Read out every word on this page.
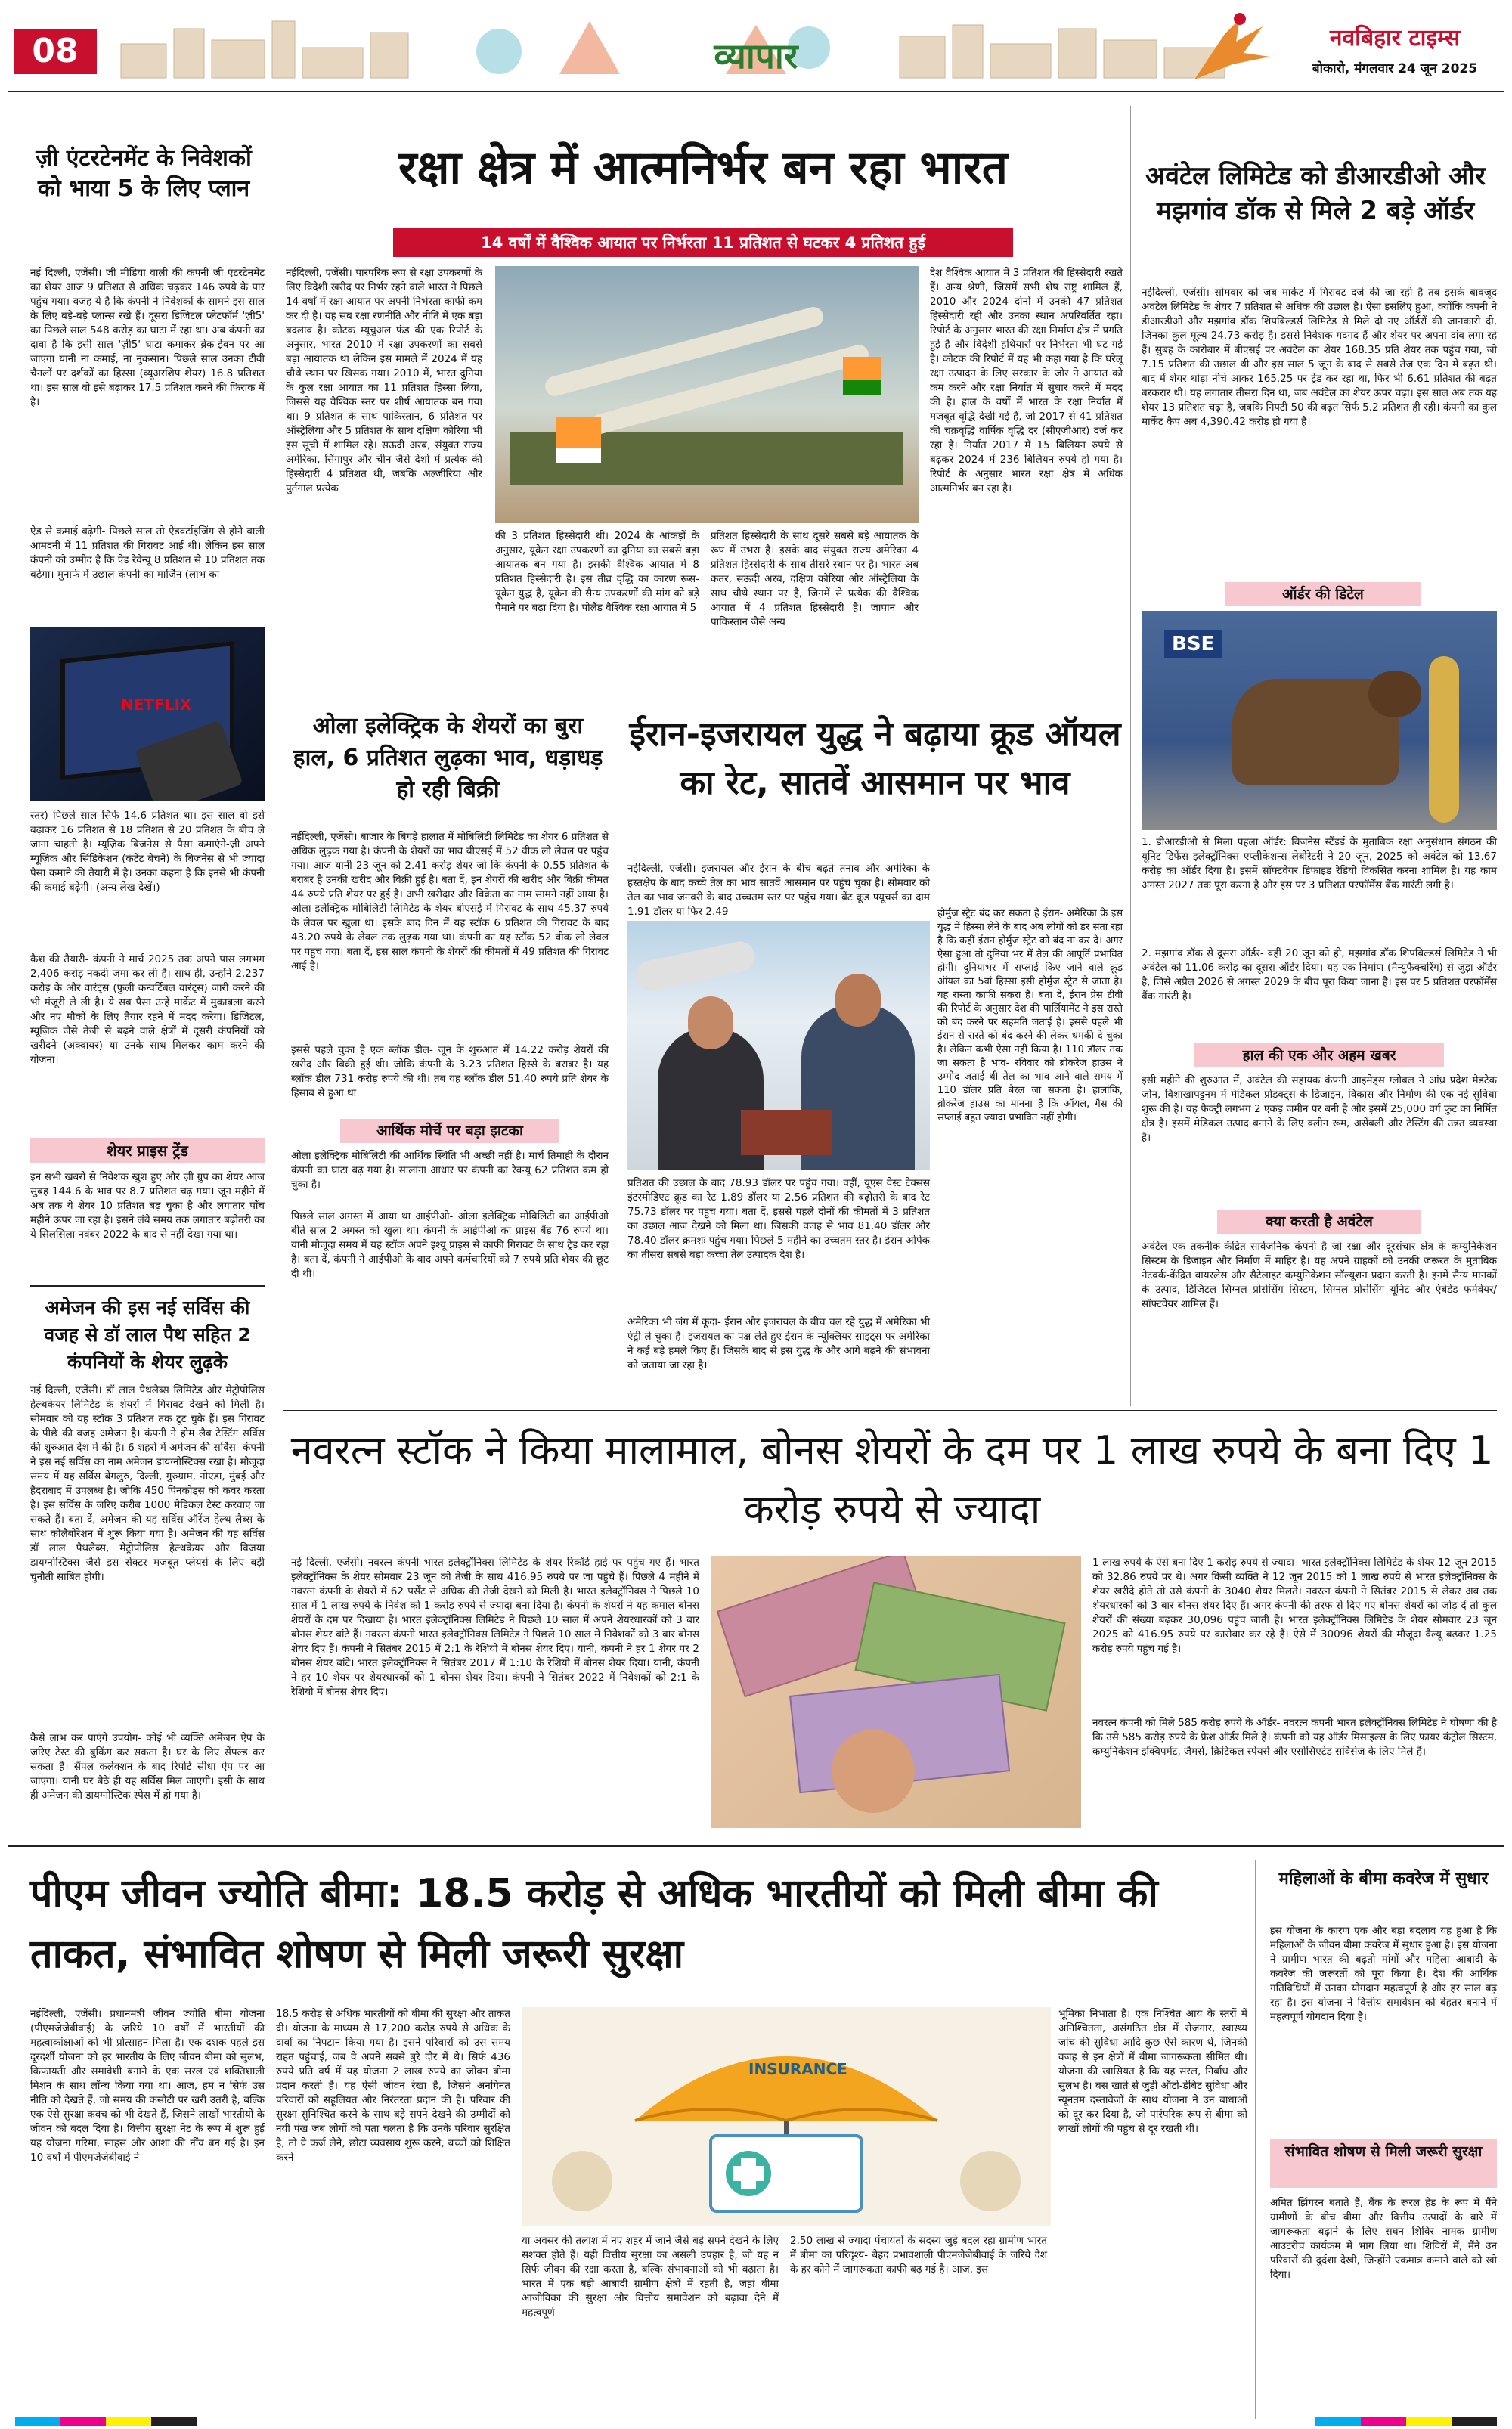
08	व्यापार	नवबिहार टाइम्स
बोकारो, मंगलवार 24 जून 2025
ज़ी एंटरटेनमेंट के निवेशकों को भाया 5 के लिए प्लान
नई दिल्ली, एजेंसी। जी मीडिया वाली की कंपनी जी एंटरटेनमेंट का शेयर आज 9 प्रतिशत से अधिक चढ़कर 146 रुपये के पार पहुंच गया। वजह ये है कि कंपनी ने निवेशकों के सामने इस साल के लिए बड़े-बड़े प्लान्स रखे हैं। दूसरा डिजिटल प्लेटफॉर्म 'ज़ी5' का पिछले साल 548 करोड़ का घाटा में रहा था। अब कंपनी का दावा है कि इसी साल 'ज़ी5' घाटा कमाकर ब्रेक-ईवन पर आ जाएगा यानी ना कमाई, ना नुकसान। पिछले साल उनका टीवी चैनलों पर दर्शकों का हिस्सा (व्यूअरशिप शेयर) 16.8 प्रतिशत था। इस साल वो इसे बढ़ाकर 17.5 प्रतिशत करने की फिराक में है।
ऐड से कमाई बढ़ेगी- पिछले साल तो ऐडवर्टाइजिंग से होने वाली आमदनी में 11 प्रतिशत की गिरावट आई थी। लेकिन इस साल कंपनी को उम्मीद है कि ऐड रेवेन्यू 8 प्रतिशत से 10 प्रतिशत तक बढ़ेगा। मुनाफे में उछाल-कंपनी का मार्जिन (लाभ का
NETFLIX
स्तर) पिछले साल सिर्फ 14.6 प्रतिशत था। इस साल वो इसे बढ़ाकर 16 प्रतिशत से 18 प्रतिशत से 20 प्रतिशत के बीच ले जाना चाहती है। म्यूज़िक बिजनेस से पैसा कमाएंगे-ज़ी अपने म्यूज़िक और सिंडिकेशन (कंटेंट बेचने) के बिजनेस से भी ज्यादा पैसा कमाने की तैयारी में है। उनका कहना है कि इनसे भी कंपनी की कमाई बढ़ेगी। (अन्य लेख देखें।)
कैश की तैयारी- कंपनी ने मार्च 2025 तक अपने पास लगभग 2,406 करोड़ नकदी जमा कर ली है। साथ ही, उन्होंने 2,237 करोड़ के और वारंट्स (फुली कन्वर्टिबल वारंट्स) जारी करने की भी मंजूरी ले ली है। ये सब पैसा उन्हें मार्केट में मुकाबला करने और नए मौकों के लिए तैयार रहने में मदद करेगा। डिजिटल, म्यूज़िक जैसे तेजी से बढ़ने वाले क्षेत्रों में दूसरी कंपनियों को खरीदने (अक्वायर) या उनके साथ मिलकर काम करने की योजना।
शेयर प्राइस ट्रेंड
इन सभी खबरों से निवेशक खुश हुए और ज़ी ग्रुप का शेयर आज सुबह 144.6 के भाव पर 8.7 प्रतिशत चढ़ गया। जून महीने में अब तक ये शेयर 10 प्रतिशत बढ़ चुका है और लगातार पाँच महीने ऊपर जा रहा है। इसने लंबे समय तक लगातार बढ़ोतरी का ये सिलसिला नवंबर 2022 के बाद से नहीं देखा गया था।
अमेजन की इस नई सर्विस की वजह से डॉ लाल पैथ सहित 2 कंपनियों के शेयर लुढ़के
नई दिल्ली, एजेंसी। डॉ लाल पैथलैब्स लिमिटेड और मेट्रोपोलिस हेल्थकेयर लिमिटेड के शेयरों में गिरावट देखने को मिली है। सोमवार को यह स्टॉक 3 प्रतिशत तक टूट चुके हैं। इस गिरावट के पीछे की वजह अमेजन है। कंपनी ने होम लैब टेस्टिंग सर्विस की शुरुआत देश में की है। 6 शहरों में अमेजन की सर्विस- कंपनी ने इस नई सर्विस का नाम अमेजन डायग्नोस्टिक्स रखा है। मौजूदा समय में यह सर्विस बेंगलुरु, दिल्ली, गुरुग्राम, नोएडा, मुंबई और हैदराबाद में उपलब्ध है। जोकि 450 पिनकोड्स को कवर करता है। इस सर्विस के जरिए करीब 1000 मेडिकल टेस्ट करवाए जा सकते हैं। बता दें, अमेजन की यह सर्विस ऑरेंज हेल्थ लैब्स के साथ कोलैबोरेशन में शुरू किया गया है। अमेजन की यह सर्विस डॉ लाल पैथलैब्स, मेट्रोपोलिस हेल्थकेयर और विजया डायग्नोस्टिक्स जैसे इस सेक्टर मजबूत प्लेयर्स के लिए बड़ी चुनौती साबित होगी।
कैसे लाभ कर पाएंगे उपयोग- कोई भी व्यक्ति अमेजन ऐप के जरिए टेस्ट की बुकिंग कर सकता है। घर के लिए सेंपल्ड कर सकता है। सैंपल कलेक्शन के बाद रिपोर्ट सीधा ऐप पर आ जाएगा। यानी घर बैठे ही यह सर्विस मिल जाएगी। इसी के साथ ही अमेजन की डायग्नोस्टिक स्पेस में हो गया है।
रक्षा क्षेत्र में आत्मनिर्भर बन रहा भारत
14 वर्षों में वैश्विक आयात पर निर्भरता 11 प्रतिशत से घटकर 4 प्रतिशत हुई
नईदिल्ली, एजेंसी। पारंपरिक रूप से रक्षा उपकरणों के लिए विदेशी खरीद पर निर्भर रहने वाले भारत ने पिछले 14 वर्षों में रक्षा आयात पर अपनी निर्भरता काफी कम कर दी है। यह सब रक्षा रणनीति और नीति में एक बड़ा बदलाव है। कोटक म्यूचुअल फंड की एक रिपोर्ट के अनुसार, भारत 2010 में रक्षा उपकरणों का सबसे बड़ा आयातक था लेकिन इस मामले में 2024 में यह चौथे स्थान पर खिसक गया। 2010 में, भारत दुनिया के कुल रक्षा आयात का 11 प्रतिशत हिस्सा लिया, जिससे यह वैश्विक स्तर पर शीर्ष आयातक बन गया था। 9 प्रतिशत के साथ पाकिस्तान, 6 प्रतिशत पर ऑस्ट्रेलिया और 5 प्रतिशत के साथ दक्षिण कोरिया भी इस सूची में शामिल रहे। सऊदी अरब, संयुक्त राज्य अमेरिका, सिंगापुर और चीन जैसे देशों में प्रत्येक की हिस्सेदारी 4 प्रतिशत थी, जबकि अल्जीरिया और पुर्तगाल प्रत्येक
की 3 प्रतिशत हिस्सेदारी थी। 2024 के आंकड़ों के अनुसार, यूक्रेन रक्षा उपकरणों का दुनिया का सबसे बड़ा आयातक बन गया है। इसकी वैश्विक आयात में 8 प्रतिशत हिस्सेदारी है। इस तीव्र वृद्धि का कारण रूस-यूक्रेन युद्ध है, यूक्रेन की सैन्य उपकरणों की मांग को बड़े पैमाने पर बढ़ा दिया है। पोलैंड वैश्विक रक्षा आयात में 5
प्रतिशत हिस्सेदारी के साथ दूसरे सबसे बड़े आयातक के रूप में उभरा है। इसके बाद संयुक्त राज्य अमेरिका 4 प्रतिशत हिस्सेदारी के साथ तीसरे स्थान पर है। भारत अब कतर, सऊदी अरब, दक्षिण कोरिया और ऑस्ट्रेलिया के साथ चौथे स्थान पर है, जिनमें से प्रत्येक की वैश्विक आयात में 4 प्रतिशत हिस्सेदारी है। जापान और पाकिस्तान जैसे अन्य
देश वैश्विक आयात में 3 प्रतिशत की हिस्सेदारी रखते हैं। अन्य श्रेणी, जिसमें सभी शेष राष्ट्र शामिल हैं, 2010 और 2024 दोनों में उनकी 47 प्रतिशत हिस्सेदारी रही और उनका स्थान अपरिवर्तित रहा। रिपोर्ट के अनुसार भारत की रक्षा निर्माण क्षेत्र में प्रगति हुई है और विदेशी हथियारों पर निर्भरता भी घट गई है। कोटक की रिपोर्ट में यह भी कहा गया है कि घरेलू रक्षा उत्पादन के लिए सरकार के जोर ने आयात को कम करने और रक्षा निर्यात में सुधार करने में मदद की है। हाल के वर्षों में भारत के रक्षा निर्यात में मजबूत वृद्धि देखी गई है, जो 2017 से 41 प्रतिशत की चक्रवृद्धि वार्षिक वृद्धि दर (सीएजीआर) दर्ज कर रहा है। निर्यात 2017 में 15 बिलियन रुपये से बढ़कर 2024 में 236 बिलियन रुपये हो गया है। रिपोर्ट के अनुसार भारत रक्षा क्षेत्र में अधिक आत्मनिर्भर बन रहा है।
अवंटेल लिमिटेड को डीआरडीओ और मझगांव डॉक से मिले 2 बड़े ऑर्डर
नईदिल्ली, एजेंसी। सोमवार को जब मार्केट में गिरावट दर्ज की जा रही है तब इसके बावजूद अवंटेल लिमिटेड के शेयर 7 प्रतिशत से अधिक की उछाल है। ऐसा इसलिए हुआ, क्योंकि कंपनी ने डीआरडीओ और मझगांव डॉक शिपबिल्डर्स लिमिटेड से मिले दो नए ऑर्डरों की जानकारी दी, जिनका कुल मूल्य 24.73 करोड़ है। इससे निवेशक गदगद हैं और शेयर पर अपना दांव लगा रहे हैं। सुबह के कारोबार में बीएसई पर अवंटेल का शेयर 168.35 प्रति शेयर तक पहुंच गया, जो 7.15 प्रतिशत की उछाल थी और इस साल 5 जून के बाद से सबसे तेज एक दिन में बढ़त थी। बाद में शेयर थोड़ा नीचे आकर 165.25 पर ट्रेड कर रहा था, फिर भी 6.61 प्रतिशत की बढ़त बरकरार थी। यह लगातार तीसरा दिन था, जब अवंटेल का शेयर ऊपर चढ़ा। इस साल अब तक यह शेयर 13 प्रतिशत चढ़ा है, जबकि निफ्टी 50 की बढ़त सिर्फ 5.2 प्रतिशत ही रही। कंपनी का कुल मार्केट कैप अब 4,390.42 करोड़ हो गया है।
ऑर्डर की डिटेल
BSE
1. डीआरडीओ से मिला पहला ऑर्डर: बिजनेस स्टैंडर्ड के मुताबिक रक्षा अनुसंधान संगठन की यूनिट डिफेंस इलेक्ट्रॉनिक्स एप्लीकेशन्स लेबोरेटरी ने 20 जून, 2025 को अवंटेल को 13.67 करोड़ का ऑर्डर दिया है। इसमें सॉफ्टवेयर डिफाइंड रेडियो विकसित करना शामिल है। यह काम अगस्त 2027 तक पूरा करना है और इस पर 3 प्रतिशत परफॉर्मेंस बैंक गारंटी लगी है।
2. मझगांव डॉक से दूसरा ऑर्डर- वहीं 20 जून को ही, मझगांव डॉक शिपबिल्डर्स लिमिटेड ने भी अवंटेल को 11.06 करोड़ का दूसरा ऑर्डर दिया। यह एक निर्माण (मैन्युफैक्चरिंग) से जुड़ा ऑर्डर है, जिसे अप्रैल 2026 से अगस्त 2029 के बीच पूरा किया जाना है। इस पर 5 प्रतिशत परफॉर्मेंस बैंक गारंटी है।
हाल की एक और अहम खबर
इसी महीने की शुरुआत में, अवंटेल की सहायक कंपनी आइमेड्स ग्लोबल ने आंध्र प्रदेश मेडटेक जोन, विशाखापट्टनम में मेडिकल प्रोडक्ट्स के डिजाइन, विकास और निर्माण की एक नई सुविधा शुरू की है। यह फैक्ट्री लगभग 2 एकड़ जमीन पर बनी है और इसमें 25,000 वर्ग फुट का निर्मित क्षेत्र है। इसमें मेडिकल उत्पाद बनाने के लिए क्लीन रूम, असेंबली और टेस्टिंग की उन्नत व्यवस्था है।
क्या करती है अवंटेल
अवंटेल एक तकनीक-केंद्रित सार्वजनिक कंपनी है जो रक्षा और दूरसंचार क्षेत्र के कम्युनिकेशन सिस्टम के डिजाइन और निर्माण में माहिर है। यह अपने ग्राहकों को उनकी जरूरत के मुताबिक नेटवर्क-केंद्रित वायरलेस और सैटेलाइट कम्युनिकेशन सॉल्यूशन प्रदान करती है। इनमें सैन्य मानकों के उत्पाद, डिजिटल सिग्नल प्रोसेसिंग सिस्टम, सिग्नल प्रोसेसिंग यूनिट और एंबेडेड फर्मवेयर/सॉफ्टवेयर शामिल हैं।
ओला इलेक्ट्रिक के शेयरों का बुरा हाल, 6 प्रतिशत लुढ़का भाव, धड़ाधड़ हो रही बिक्री
नईदिल्ली, एजेंसी। बाजार के बिगड़े हालात में मोबिलिटी लिमिटेड का शेयर 6 प्रतिशत से अधिक लुढ़क गया है। कंपनी के शेयरों का भाव बीएसई में 52 वीक लो लेवल पर पहुंच गया। आज यानी 23 जून को 2.41 करोड़ शेयर जो कि कंपनी के 0.55 प्रतिशत के बराबर है उनकी खरीद और बिक्री हुई है। बता दें, इन शेयरों की खरीद और बिक्री कीमत 44 रुपये प्रति शेयर पर हुई है। अभी खरीदार और विक्रेता का नाम सामने नहीं आया है। ओला इलेक्ट्रिक मोबिलिटी लिमिटेड के शेयर बीएसई में गिरावट के साथ 45.37 रुपये के लेवल पर खुला था। इसके बाद दिन में यह स्टॉक 6 प्रतिशत की गिरावट के बाद 43.20 रुपये के लेवल तक लुढ़क गया था। कंपनी का यह स्टॉक 52 वीक लो लेवल पर पहुंच गया। बता दें, इस साल कंपनी के शेयरों की कीमतों में 49 प्रतिशत की गिरावट आई है।
इससे पहले चुका है एक ब्लॉक डील- जून के शुरुआत में 14.22 करोड़ शेयरों की खरीद और बिक्री हुई थी। जोकि कंपनी के 3.23 प्रतिशत हिस्से के बराबर है। यह ब्लॉक डील 731 करोड़ रुपये की थी। तब यह ब्लॉक डील 51.40 रुपये प्रति शेयर के हिसाब से हुआ था
आर्थिक मोर्चे पर बड़ा झटका
ओला इलेक्ट्रिक मोबिलिटी की आर्थिक स्थिति भी अच्छी नहीं है। मार्च तिमाही के दौरान कंपनी का घाटा बढ़ गया है। सालाना आधार पर कंपनी का रेवन्यू 62 प्रतिशत कम हो चुका है।
पिछले साल अगस्त में आया था आईपीओ- ओला इलेक्ट्रिक मोबिलिटी का आईपीओ बीते साल 2 अगस्त को खुला था। कंपनी के आईपीओ का प्राइस बैंड 76 रुपये था। यानी मौजूदा समय में यह स्टॉक अपने इश्यू प्राइस से काफी गिरावट के साथ ट्रेड कर रहा है। बता दें, कंपनी ने आईपीओ के बाद अपने कर्मचारियों को 7 रुपये प्रति शेयर की छूट दी थी।
ईरान-इजरायल युद्ध ने बढ़ाया क्रूड ऑयल का रेट, सातवें आसमान पर भाव
नईदिल्ली, एजेंसी। इजरायल और ईरान के बीच बढ़ते तनाव और अमेरिका के हस्तक्षेप के बाद कच्चे तेल का भाव सातवें आसमान पर पहुंच चुका है। सोमवार को तेल का भाव जनवरी के बाद उच्चतम स्तर पर पहुंच गया। ब्रेंट क्रूड फ्यूचर्स का दाम 1.91 डॉलर या फिर 2.49
प्रतिशत की उछाल के बाद 78.93 डॉलर पर पहुंच गया। वहीं, यूएस वेस्ट टेक्सस इंटरमीडिएट क्रूड का रेट 1.89 डॉलर या 2.56 प्रतिशत की बढ़ोतरी के बाद रेट 75.73 डॉलर पर पहुंच गया। बता दें, इससे पहले दोनों की कीमतों में 3 प्रतिशत का उछाल आज देखने को मिला था। जिसकी वजह से भाव 81.40 डॉलर और 78.40 डॉलर क्रमशः पहुंच गया। पिछले 5 महीने का उच्चतम स्तर है। ईरान ओपेक का तीसरा सबसे बड़ा कच्चा तेल उत्पादक देश है।
अमेरिका भी जंग में कूदा- ईरान और इजरायल के बीच चल रहे युद्ध में अमेरिका भी एंट्री ले चुका है। इजरायल का पक्ष लेते हुए ईरान के न्यूक्लियर साइट्स पर अमेरिका ने कई बड़े हमले किए हैं। जिसके बाद से इस युद्ध के और आगे बढ़ने की संभावना को जताया जा रहा है।
होर्मुज स्ट्रेट बंद कर सकता है ईरान- अमेरिका के इस युद्ध में हिस्सा लेने के बाद अब लोगों को डर सता रहा है कि कहीं ईरान होर्मुज स्ट्रेट को बंद ना कर दे। अगर ऐसा हुआ तो दुनिया भर में तेल की आपूर्ति प्रभावित होगी। दुनियाभर में सप्लाई किए जाने वाले क्रूड ऑयल का 5वां हिस्सा इसी होर्मुज स्ट्रेट से जाता है। यह रास्ता काफी सकरा है। बता दें, ईरान प्रेस टीवी की रिपोर्ट के अनुसार देश की पार्लियामेंट ने इस रास्ते को बंद करने पर सहमति जताई है। इससे पहले भी ईरान से रास्ते को बंद करने की लेकर धमकी दे चुका है। लेकिन कभी ऐसा नहीं किया है। 110 डॉलर तक जा सकता है भाव- रविवार को ब्रोकरेज हाउस ने उम्मीद जताई थी तेल का भाव आने वाले समय में 110 डॉलर प्रति बैरल जा सकता है। हालांकि, ब्रोकरेज हाउस का मानना है कि ऑयल, गैस की सप्लाई बहुत ज्यादा प्रभावित नहीं होगी।
नवरत्न स्टॉक ने किया मालामाल, बोनस शेयरों के दम पर 1 लाख रुपये के बना दिए 1 करोड़ रुपये से ज्यादा
नई दिल्ली, एजेंसी। नवरत्न कंपनी भारत इलेक्ट्रॉनिक्स लिमिटेड के शेयर रिकॉर्ड हाई पर पहुंच गए हैं। भारत इलेक्ट्रॉनिक्स के शेयर सोमवार 23 जून को तेजी के साथ 416.95 रुपये पर जा पहुंचे हैं। पिछले 4 महीने में नवरत्न कंपनी के शेयरों में 62 पर्सेंट से अधिक की तेजी देखने को मिली है। भारत इलेक्ट्रॉनिक्स ने पिछले 10 साल में 1 लाख रुपये के निवेश को 1 करोड़ रुपये से ज्यादा बना दिया है। कंपनी के शेयरों ने यह कमाल बोनस शेयरों के दम पर दिखाया है। भारत इलेक्ट्रॉनिक्स लिमिटेड ने पिछले 10 साल में अपने शेयरधारकों को 3 बार बोनस शेयर बांटे हैं। नवरत्न कंपनी भारत इलेक्ट्रॉनिक्स लिमिटेड ने पिछले 10 साल में निवेशकों को 3 बार बोनस शेयर दिए हैं। कंपनी ने सितंबर 2015 में 2:1 के रेशियो में बोनस शेयर दिए। यानी, कंपनी ने हर 1 शेयर पर 2 बोनस शेयर बांटे। भारत इलेक्ट्रॉनिक्स ने सितंबर 2017 में 1:10 के रेशियो में बोनस शेयर दिया। यानी, कंपनी ने हर 10 शेयर पर शेयरधारकों को 1 बोनस शेयर दिया। कंपनी ने सितंबर 2022 में निवेशकों को 2:1 के रेशियो में बोनस शेयर दिए।
1 लाख रुपये के ऐसे बना दिए 1 करोड़ रुपये से ज्यादा- भारत इलेक्ट्रॉनिक्स लिमिटेड के शेयर 12 जून 2015 को 32.86 रुपये पर थे। अगर किसी व्यक्ति ने 12 जून 2015 को 1 लाख रुपये से भारत इलेक्ट्रॉनिक्स के शेयर खरीदे होते तो उसे कंपनी के 3040 शेयर मिलते। नवरत्न कंपनी ने सितंबर 2015 से लेकर अब तक शेयरधारकों को 3 बार बोनस शेयर दिए हैं। अगर कंपनी की तरफ से दिए गए बोनस शेयरों को जोड़ दें तो कुल शेयरों की संख्या बढ़कर 30,096 पहुंच जाती है। भारत इलेक्ट्रॉनिक्स लिमिटेड के शेयर सोमवार 23 जून 2025 को 416.95 रुपये पर कारोबार कर रहे हैं। ऐसे में 30096 शेयरों की मौजूदा वैल्यू बढ़कर 1.25 करोड़ रुपये पहुंच गई है।
नवरत्न कंपनी को मिले 585 करोड़ रुपये के ऑर्डर- नवरत्न कंपनी भारत इलेक्ट्रॉनिक्स लिमिटेड ने घोषणा की है कि उसे 585 करोड़ रुपये के फ्रेश ऑर्डर मिले हैं। कंपनी को यह ऑर्डर मिसाइल्स के लिए फायर कंट्रोल सिस्टम, कम्युनिकेशन इक्विपमेंट, जैमर्स, क्रिटिकल स्पेयर्स और एसोसिएटेड सर्विसेज के लिए मिले हैं।
पीएम जीवन ज्योति बीमा: 18.5 करोड़ से अधिक भारतीयों को मिली बीमा की ताकत, संभावित शोषण से मिली जरूरी सुरक्षा
नईदिल्ली, एजेंसी। प्रधानमंत्री जीवन ज्योति बीमा योजना (पीएमजेजेबीवाई) के जरिये 10 वर्षों में भारतीयों की महत्वाकांक्षाओं को भी प्रोत्साहन मिला है। एक दशक पहले इस दूरदर्शी योजना को हर भारतीय के लिए जीवन बीमा को सुलभ, किफायती और समावेशी बनाने के एक सरल एवं शक्तिशाली मिशन के साथ लॉन्च किया गया था। आज, हम न सिर्फ उस नीति को देखते हैं, जो समय की कसौटी पर खरी उतरी है, बल्कि एक ऐसे सुरक्षा कवच को भी देखते हैं, जिसने लाखों भारतीयों के जीवन को बदल दिया है। वित्तीय सुरक्षा नेट के रूप में शुरू हुई यह योजना गरिमा, साहस और आशा की नींव बन गई है। इन 10 वर्षों में पीएमजेजेबीवाई ने
18.5 करोड़ से अधिक भारतीयों को बीमा की सुरक्षा और ताकत दी। योजना के माध्यम से 17,200 करोड़ रुपये से अधिक के दावों का निपटान किया गया है। इसने परिवारों को उस समय राहत पहुंचाई, जब वे अपने सबसे बुरे दौर में थे। सिर्फ 436 रुपये प्रति वर्ष में यह योजना 2 लाख रुपये का जीवन बीमा प्रदान करती है। यह ऐसी जीवन रेखा है, जिसने अनगिनत परिवारों को सहूलियत और निरंतरता प्रदान की है। परिवार की सुरक्षा सुनिश्चित करने के साथ बड़े सपने देखने की उम्मीदों को नयी पंख जब लोगों को पता चलता है कि उनके परिवार सुरक्षित है, तो वे कर्ज लेने, छोटा व्यवसाय शुरू करने, बच्चों को शिक्षित करने
INSURANCE
या अवसर की तलाश में नए शहर में जाने जैसे बड़े सपने देखने के लिए सशक्त होते हैं। यही वित्तीय सुरक्षा का असली उपहार है, जो यह न सिर्फ जीवन की रक्षा करता है, बल्कि संभावनाओं को भी बढ़ाता है। भारत में एक बड़ी आबादी ग्रामीण क्षेत्रों में रहती है, जहां बीमा आजीविका की सुरक्षा और वित्तीय समावेशन को बढ़ावा देने में महत्वपूर्ण
भूमिका निभाता है। एक निश्चित आय के स्तरों में अनिश्चितता, असंगठित क्षेत्र में रोजगार, स्वास्थ्य जांच की सुविधा आदि कुछ ऐसे कारण थे, जिनकी वजह से इन क्षेत्रों में बीमा जागरूकता सीमित थी। योजना की खासियत है कि यह सरल, निर्बाध और सुलभ है। बस खाते से जुड़ी ऑटो-डेबिट सुविधा और न्यूनतम दस्तावेजों के साथ योजना ने उन बाधाओं को दूर कर दिया है, जो पारंपरिक रूप से बीमा को लाखों लोगों की पहुंच से दूर रखती थीं।
2.50 लाख से ज्यादा पंचायतों के सदस्य जुड़े बदल रहा ग्रामीण भारत में बीमा का परिदृश्य- बेहद प्रभावशाली पीएमजेजेबीवाई के जरिये देश के हर कोने में जागरूकता काफी बढ़ गई है। आज, इस
महिलाओं के बीमा कवरेज में सुधार
इस योजना के कारण एक और बड़ा बदलाव यह हुआ है कि महिलाओं के जीवन बीमा कवरेज में सुधार हुआ है। इस योजना ने ग्रामीण भारत की बढ़ती मांगों और महिला आबादी के कवरेज की जरूरतों को पूरा किया है। देश की आर्थिक गतिविधियों में उनका योगदान महत्वपूर्ण है और हर साल बढ़ रहा है। इस योजना ने वित्तीय समावेशन को बेहतर बनाने में महत्वपूर्ण योगदान दिया है।
संभावित शोषण से मिली जरूरी सुरक्षा
अमित झिंगरन बताते हैं, बैंक के रूरल हेड के रूप में मैंने ग्रामीणों के बीच बीमा और वित्तीय उत्पादों के बारे में जागरूकता बढ़ाने के लिए सघन शिविर नामक ग्रामीण आउटरीच कार्यक्रम में भाग लिया था। शिविरों में, मैंने उन परिवारों की दुर्दशा देखी, जिन्होंने एकमात्र कमाने वाले को खो दिया।
